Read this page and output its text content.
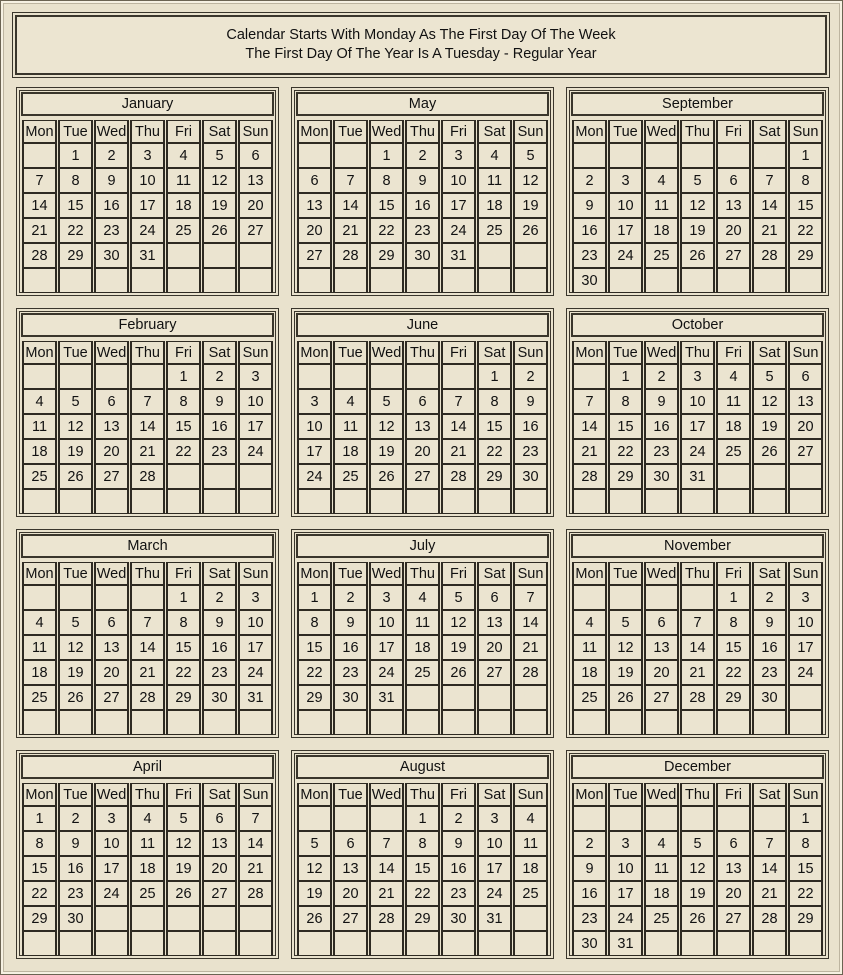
Calendar Starts With Monday As The First Day Of The Week
The First Day Of The Year Is A Tuesday - Regular Year
January
Mon	Tue	Wed	Thu	Fri	Sat	Sun
	1	2	3	4	5	6
7	8	9	10	11	12	13
14	15	16	17	18	19	20
21	22	23	24	25	26	27
28	29	30	31			

May
Mon	Tue	Wed	Thu	Fri	Sat	Sun
		1	2	3	4	5
6	7	8	9	10	11	12
13	14	15	16	17	18	19
20	21	22	23	24	25	26
27	28	29	30	31		

September
Mon	Tue	Wed	Thu	Fri	Sat	Sun
						1
2	3	4	5	6	7	8
9	10	11	12	13	14	15
16	17	18	19	20	21	22
23	24	25	26	27	28	29
30						
February
Mon	Tue	Wed	Thu	Fri	Sat	Sun
				1	2	3
4	5	6	7	8	9	10
11	12	13	14	15	16	17
18	19	20	21	22	23	24
25	26	27	28			

June
Mon	Tue	Wed	Thu	Fri	Sat	Sun
					1	2
3	4	5	6	7	8	9
10	11	12	13	14	15	16
17	18	19	20	21	22	23
24	25	26	27	28	29	30

October
Mon	Tue	Wed	Thu	Fri	Sat	Sun
	1	2	3	4	5	6
7	8	9	10	11	12	13
14	15	16	17	18	19	20
21	22	23	24	25	26	27
28	29	30	31			

March
Mon	Tue	Wed	Thu	Fri	Sat	Sun
				1	2	3
4	5	6	7	8	9	10
11	12	13	14	15	16	17
18	19	20	21	22	23	24
25	26	27	28	29	30	31

July
Mon	Tue	Wed	Thu	Fri	Sat	Sun
1	2	3	4	5	6	7
8	9	10	11	12	13	14
15	16	17	18	19	20	21
22	23	24	25	26	27	28
29	30	31				

November
Mon	Tue	Wed	Thu	Fri	Sat	Sun
				1	2	3
4	5	6	7	8	9	10
11	12	13	14	15	16	17
18	19	20	21	22	23	24
25	26	27	28	29	30	

April
Mon	Tue	Wed	Thu	Fri	Sat	Sun
1	2	3	4	5	6	7
8	9	10	11	12	13	14
15	16	17	18	19	20	21
22	23	24	25	26	27	28
29	30					

August
Mon	Tue	Wed	Thu	Fri	Sat	Sun
			1	2	3	4
5	6	7	8	9	10	11
12	13	14	15	16	17	18
19	20	21	22	23	24	25
26	27	28	29	30	31	

December
Mon	Tue	Wed	Thu	Fri	Sat	Sun
						1
2	3	4	5	6	7	8
9	10	11	12	13	14	15
16	17	18	19	20	21	22
23	24	25	26	27	28	29
30	31					
